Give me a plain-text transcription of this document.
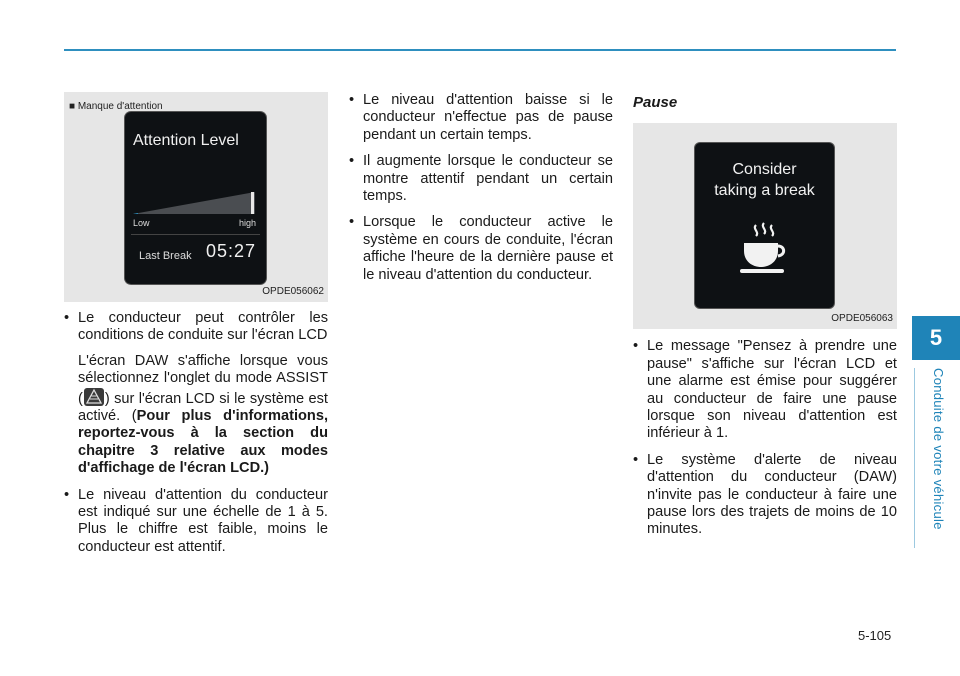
■ Manque d'attention
Attention Level
Low	high
Last Break 05:27
OPDE056062

• Le conducteur peut contrôler les conditions de conduite sur l'écran LCD

L'écran DAW s'affiche lorsque vous sélectionnez l'onglet du mode ASSIST ( ) sur l'écran LCD si le système est activé. (Pour plus d'informations, reportez-vous à la section du chapitre 3 relative aux modes d'affichage de l'écran LCD.)

• Le niveau d'attention du conducteur est indiqué sur une échelle de 1 à 5. Plus le chiffre est faible, moins le conducteur est attentif.
• Le niveau d'attention baisse si le conducteur n'effectue pas de pause pendant un certain temps.
• Il augmente lorsque le conducteur se montre attentif pendant un certain temps.
• Lorsque le conducteur active le système en cours de conduite, l'écran affiche l'heure de la dernière pause et le niveau d'attention du conducteur.
Pause
Consider
taking a break
OPDE056063
• Le message "Pensez à prendre une pause" s'affiche sur l'écran LCD et une alarme est émise pour suggérer au conducteur de faire une pause lorsque son niveau d'attention est inférieur à 1.
• Le système d'alerte de niveau d'attention du conducteur (DAW) n'invite pas le conducteur à faire une pause lors des trajets de moins de 10 minutes.
5
Conduite de votre véhicule
5-105
